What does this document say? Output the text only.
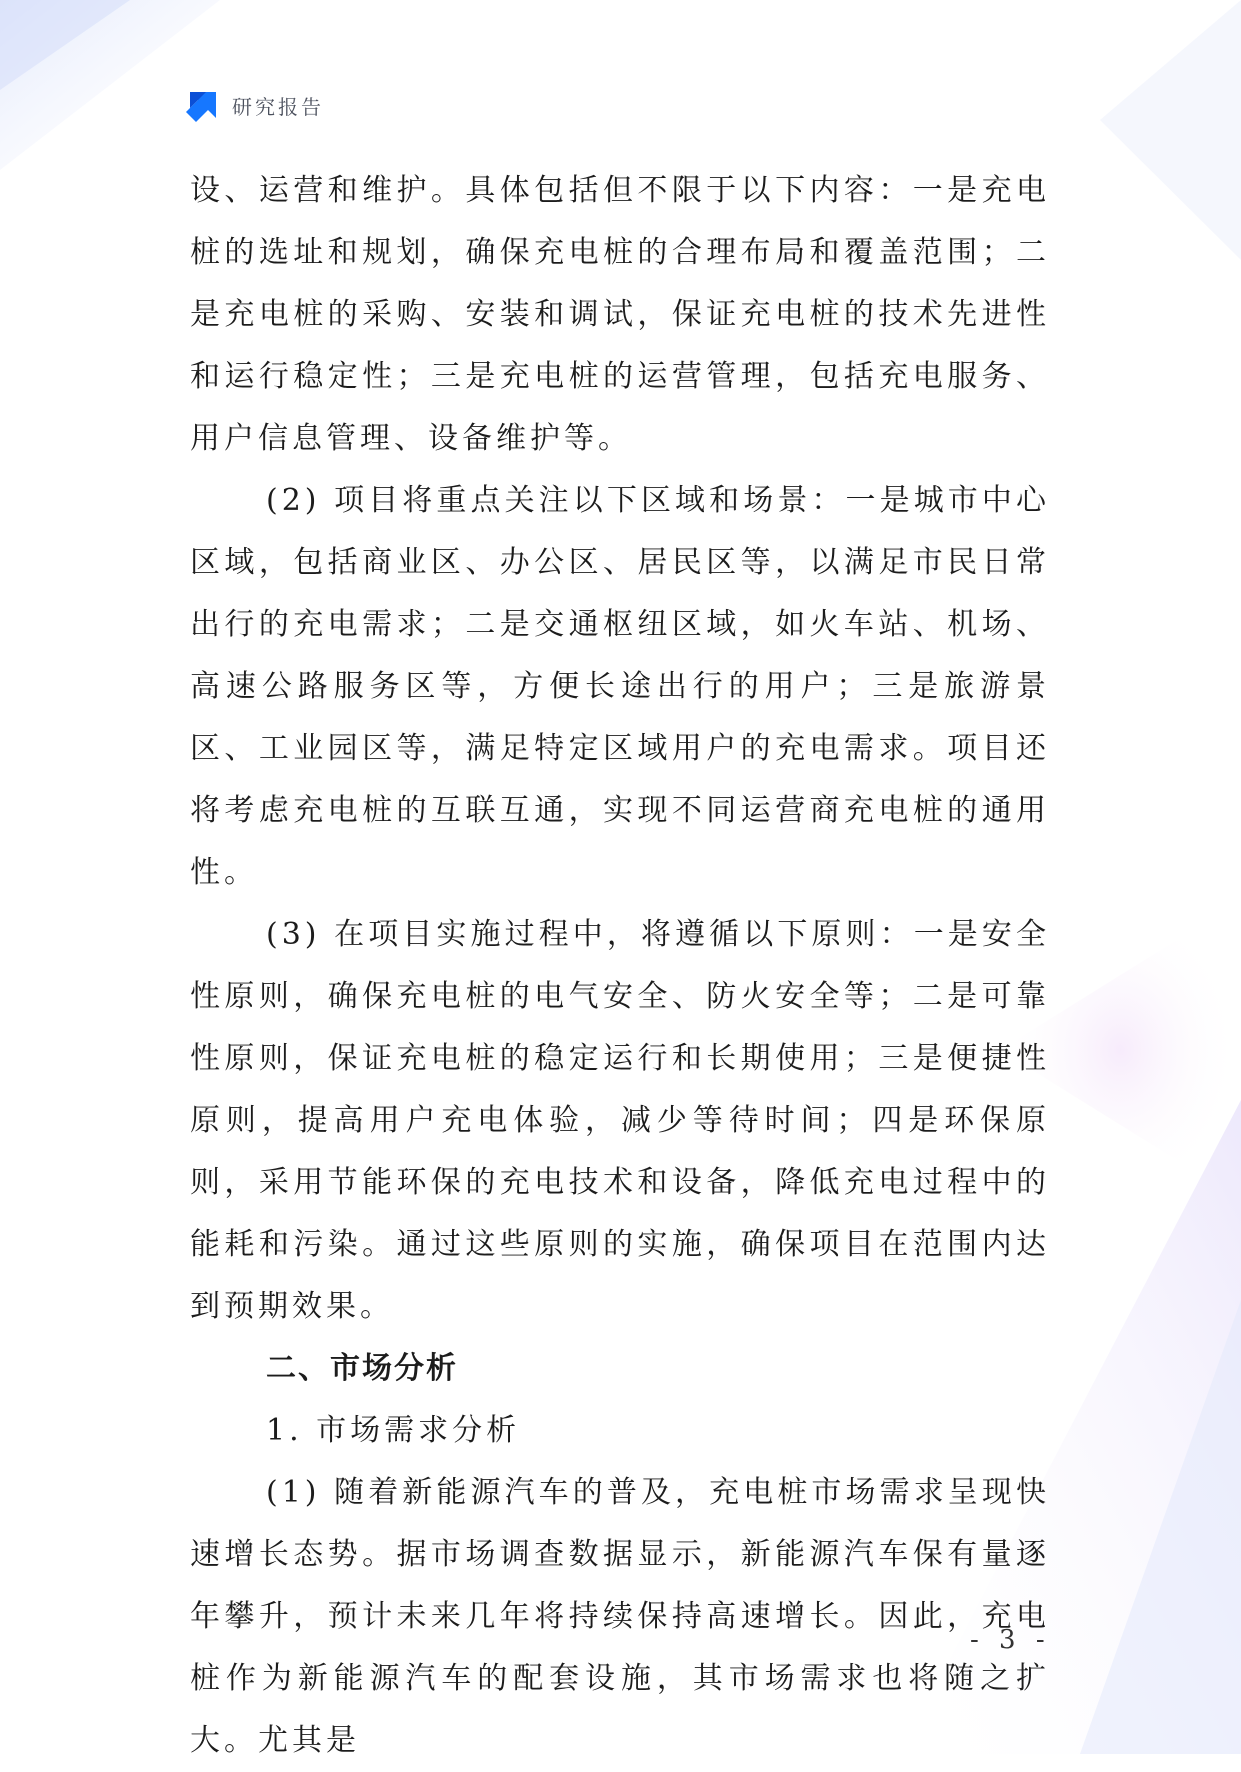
研究报告

设、运营和维护。具体包括但不限于以下内容：一是充电桩的选址和规划，确保充电桩的合理布局和覆盖范围；二是充电桩的采购、安装和调试，保证充电桩的技术先进性和运行稳定性；三是充电桩的运营管理，包括充电服务、用户信息管理、设备维护等。

(2) 项目将重点关注以下区域和场景：一是城市中心区域，包括商业区、办公区、居民区等，以满足市民日常出行的充电需求；二是交通枢纽区域，如火车站、机场、高速公路服务区等，方便长途出行的用户；三是旅游景区、工业园区等，满足特定区域用户的充电需求。项目还将考虑充电桩的互联互通，实现不同运营商充电桩的通用性。

(3) 在项目实施过程中，将遵循以下原则：一是安全性原则，确保充电桩的电气安全、防火安全等；二是可靠性原则，保证充电桩的稳定运行和长期使用；三是便捷性原则，提高用户充电体验，减少等待时间；四是环保原则，采用节能环保的充电技术和设备，降低充电过程中的能耗和污染。通过这些原则的实施，确保项目在范围内达到预期效果。

二、市场分析

1. 市场需求分析

(1) 随着新能源汽车的普及，充电桩市场需求呈现快速增长态势。据市场调查数据显示，新能源汽车保有量逐年攀升，预计未来几年将持续保持高速增长。因此，充电桩作为新能源汽车的配套设施，其市场需求也将随之扩大。尤其是

- 3 -
